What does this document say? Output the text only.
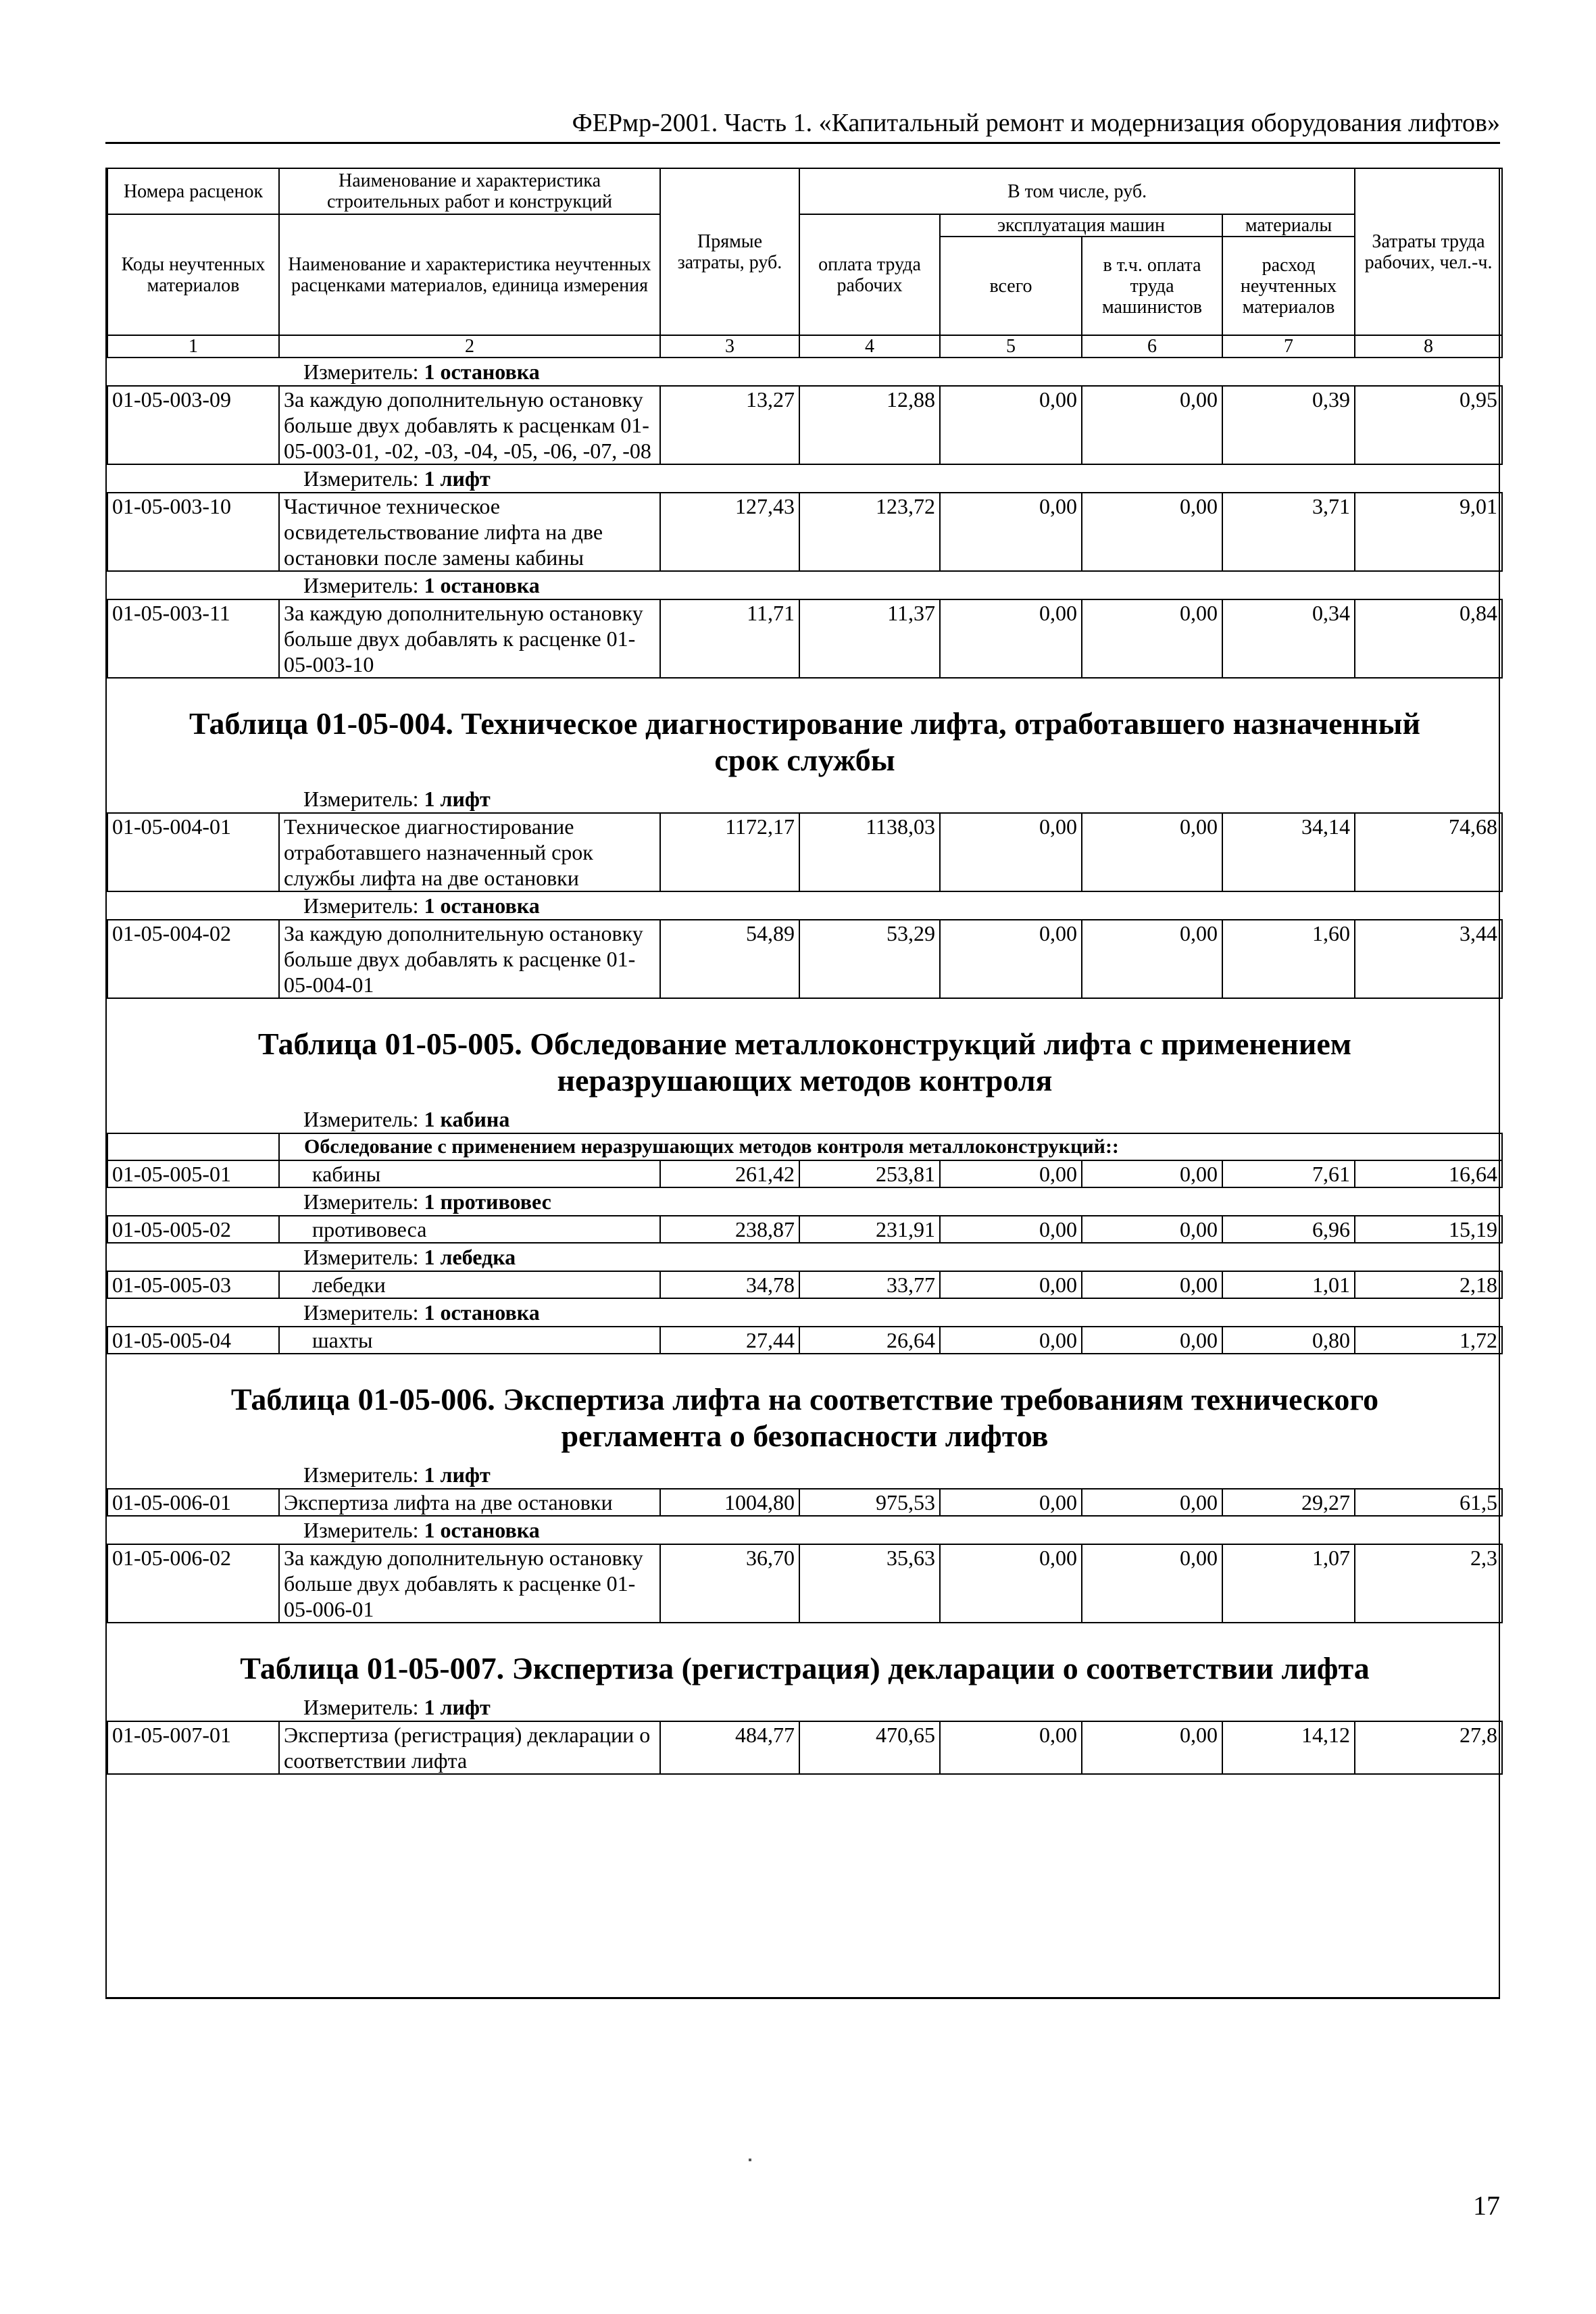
ФЕРмр-2001. Часть 1. «Капитальный ремонт и модернизация оборудования лифтов»
Номера расценок	Наименование и характеристика строительных работ и конструкций	Прямые затраты, руб.	В том числе, руб.				Затраты труда рабочих, чел.-ч.
Коды неучтенных материалов	Наименование и характеристика неучтенных расценками материалов, единица измерения		оплата труда рабочих	эксплуатация машин		материалы	
				всего	в т.ч. оплата труда машинистов	расход неучтенных материалов	
1	2	3	4	5	6	7	8
	Измеритель: 1 остановка						
01-05-003-09	За каждую дополнительную остановку больше двух добавлять к расценкам 01-05-003-01, -02, -03, -04, -05, -06, -07, -08	13,27	12,88	0,00	0,00	0,39	0,95
	Измеритель: 1 лифт						
01-05-003-10	Частичное техническое освидетельствование лифта на две остановки после замены кабины	127,43	123,72	0,00	0,00	3,71	9,01
	Измеритель: 1 остановка						
01-05-003-11	За каждую дополнительную остановку больше двух добавлять к расценке 01-05-003-10	11,71	11,37	0,00	0,00	0,34	0,84
Таблица 01-05-004. Техническое диагностирование лифта, отработавшего назначенный
срок службы							

	Измеритель: 1 лифт						
01-05-004-01	Техническое диагностирование отработавшего назначенный срок службы лифта на две остановки	1172,17	1138,03	0,00	0,00	34,14	74,68
	Измеритель: 1 остановка						
01-05-004-02	За каждую дополнительную остановку больше двух добавлять к расценке 01-05-004-01	54,89	53,29	0,00	0,00	1,60	3,44
Таблица 01-05-005. Обследование металлоконструкций лифта с применением
неразрушающих методов контроля							

	Измеритель: 1 кабина						
	Обследование с применением неразрушающих методов контроля металлоконструкций::						
01-05-005-01	кабины	261,42	253,81	0,00	0,00	7,61	16,64
	Измеритель: 1 противовес						
01-05-005-02	противовеса	238,87	231,91	0,00	0,00	6,96	15,19
	Измеритель: 1 лебедка						
01-05-005-03	лебедки	34,78	33,77	0,00	0,00	1,01	2,18
	Измеритель: 1 остановка						
01-05-005-04	шахты	27,44	26,64	0,00	0,00	0,80	1,72
Таблица 01-05-006. Экспертиза лифта на соответствие требованиям технического
регламента о безопасности лифтов							

	Измеритель: 1 лифт						
01-05-006-01	Экспертиза лифта на две остановки	1004,80	975,53	0,00	0,00	29,27	61,5
	Измеритель: 1 остановка						
01-05-006-02	За каждую дополнительную остановку больше двух добавлять к расценке 01-05-006-01	36,70	35,63	0,00	0,00	1,07	2,3
Таблица 01-05-007. Экспертиза (регистрация) декларации о соответствии лифта							
	Измеритель: 1 лифт						
01-05-007-01	Экспертиза (регистрация) декларации о соответствии лифта	484,77	470,65	0,00	0,00	14,12	27,8
17
